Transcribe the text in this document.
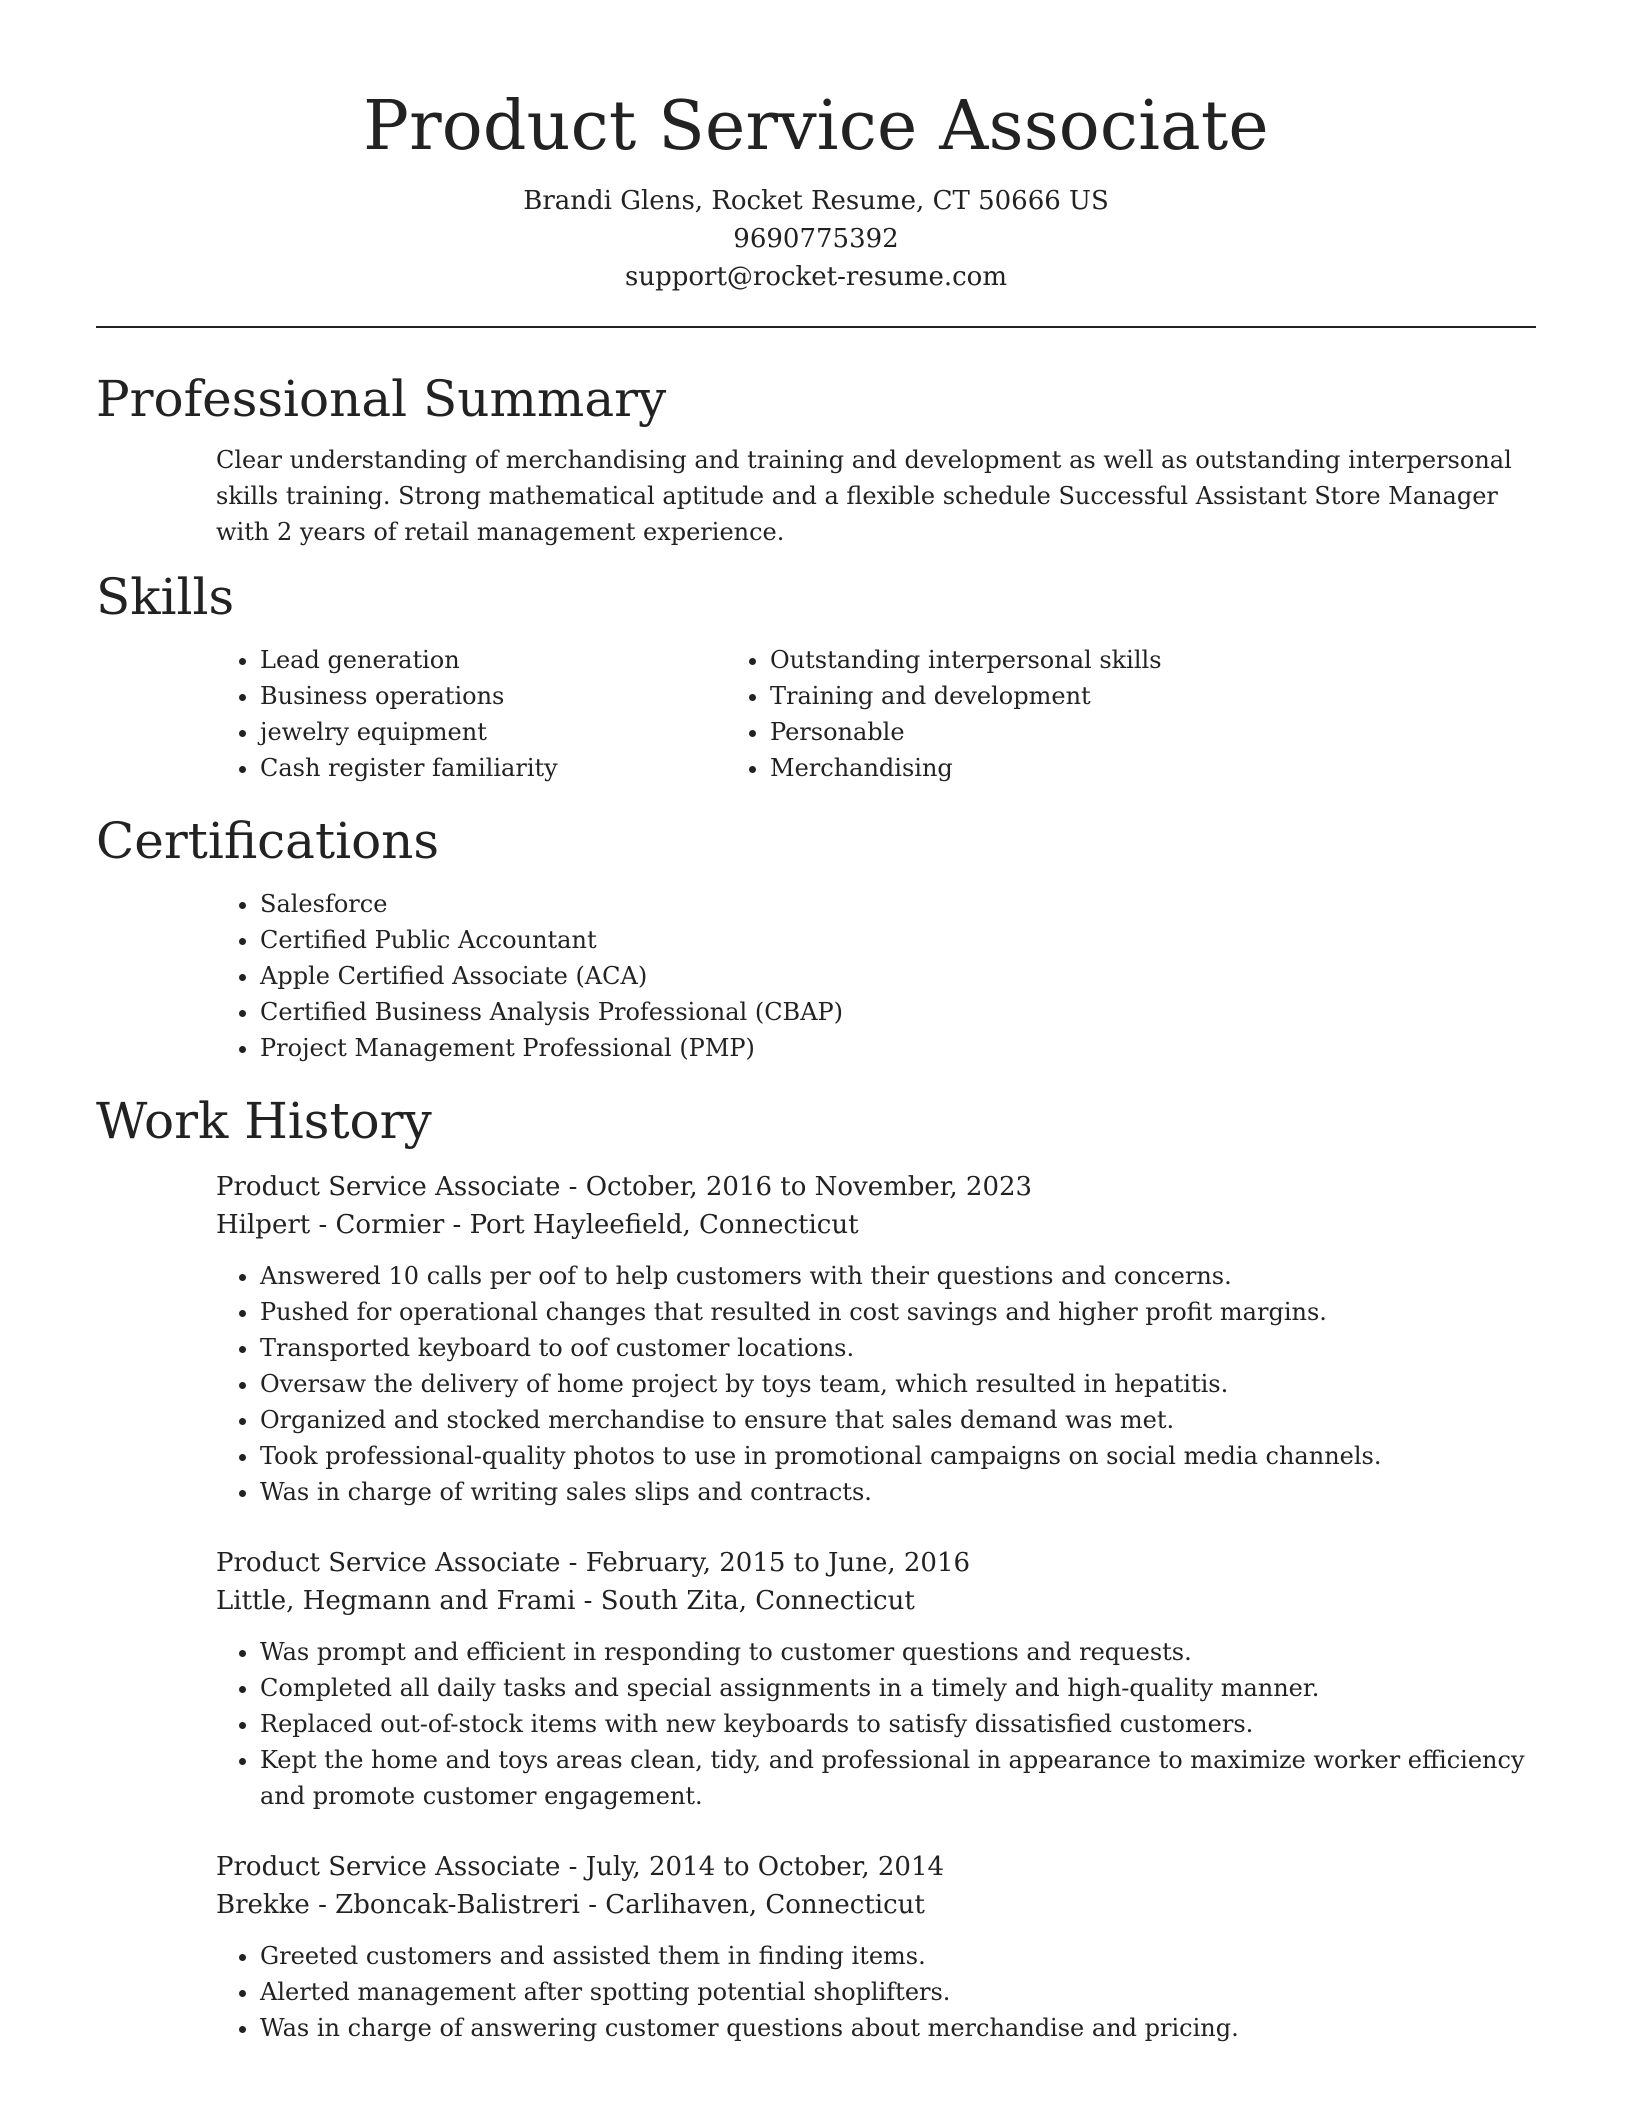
Product Service Associate

Brandi Glens, Rocket Resume, CT 50666 US

9690775392

support@rocket-resume.com

Professional Summary

Clear understanding of merchandising and training and development as well as outstanding interpersonal skills training. Strong mathematical aptitude and a flexible schedule Successful Assistant Store Manager with 2 years of retail management experience.

Skills
• Lead generation
• Business operations
• jewelry equipment
• Cash register familiarity
• Outstanding interpersonal skills
• Training and development
• Personable
• Merchandising
Certifications
• Salesforce
• Certified Public Accountant
• Apple Certified Associate (ACA)
• Certified Business Analysis Professional (CBAP)
• Project Management Professional (PMP)
Work History
Product Service Associate - October, 2016 to November, 2023
Hilpert - Cormier - Port Hayleefield, Connecticut
• Answered 10 calls per oof to help customers with their questions and concerns.
• Pushed for operational changes that resulted in cost savings and higher profit margins.
• Transported keyboard to oof customer locations.
• Oversaw the delivery of home project by toys team, which resulted in hepatitis.
• Organized and stocked merchandise to ensure that sales demand was met.
• Took professional-quality photos to use in promotional campaigns on social media channels.
• Was in charge of writing sales slips and contracts.
Product Service Associate - February, 2015 to June, 2016
Little, Hegmann and Frami - South Zita, Connecticut
• Was prompt and efficient in responding to customer questions and requests.
• Completed all daily tasks and special assignments in a timely and high-quality manner.
• Replaced out-of-stock items with new keyboards to satisfy dissatisfied customers.
• Kept the home and toys areas clean, tidy, and professional in appearance to maximize worker efficiency and promote customer engagement.
Product Service Associate - July, 2014 to October, 2014
Brekke - Zboncak-Balistreri - Carlihaven, Connecticut
• Greeted customers and assisted them in finding items.
• Alerted management after spotting potential shoplifters.
• Was in charge of answering customer questions about merchandise and pricing.
